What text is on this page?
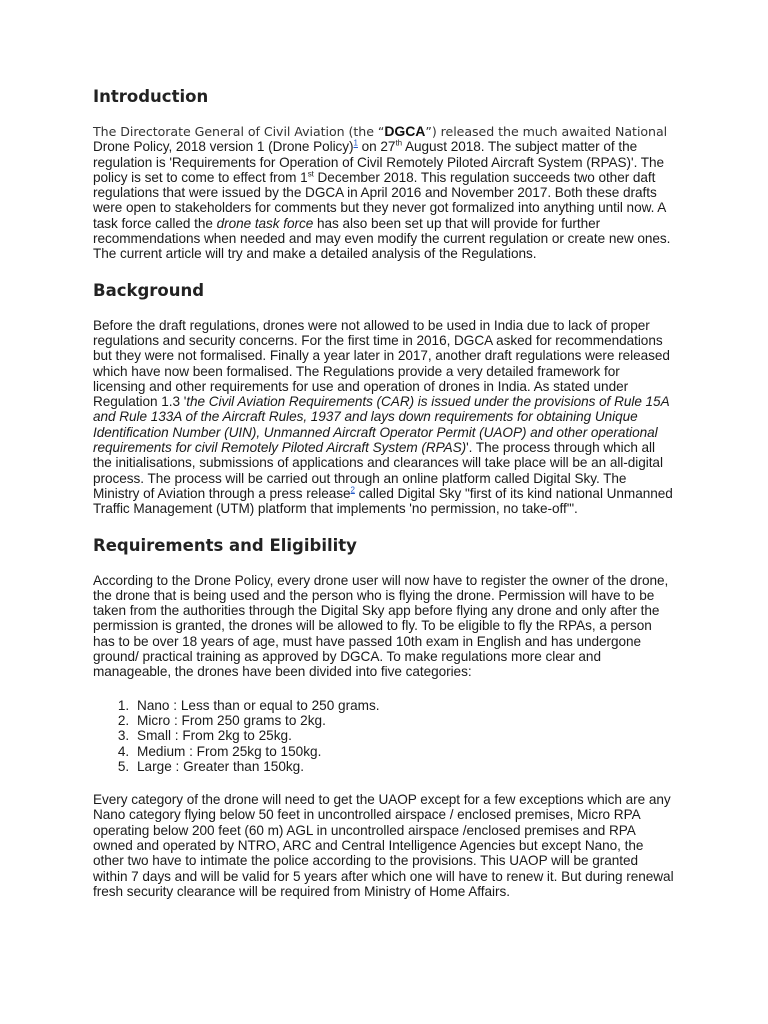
Introduction

The Directorate General of Civil Aviation (the “DGCA”) released the much awaited National
Drone Policy, 2018 version 1 (Drone Policy)$^1$ on 27th August 2018. The subject matter of the regulation is 'Requirements for Operation of Civil Remotely Piloted Aircraft System (RPAS)'. The policy is set to come to effect from 1st December 2018. This regulation succeeds two other daft regulations that were issued by the DGCA in April 2016 and November 2017. Both these drafts were open to stakeholders for comments but they never got formalized into anything until now. A task force called the drone task force has also been set up that will provide for further recommendations when needed and may even modify the current regulation or create new ones. The current article will try and make a detailed analysis of the Regulations.

Background

Before the draft regulations, drones were not allowed to be used in India due to lack of proper regulations and security concerns. For the first time in 2016, DGCA asked for recommendations but they were not formalised. Finally a year later in 2017, another draft regulations were released which have now been formalised. The Regulations provide a very detailed framework for licensing and other requirements for use and operation of drones in India. As stated under Regulation 1.3 'the Civil Aviation Requirements (CAR) is issued under the provisions of Rule 15A and Rule 133A of the Aircraft Rules, 1937 and lays down requirements for obtaining Unique Identification Number (UIN), Unmanned Aircraft Operator Permit (UAOP) and other operational requirements for civil Remotely Piloted Aircraft System (RPAS)'. The process through which all the initialisations, submissions of applications and clearances will take place will be an all-digital process. The process will be carried out through an online platform called Digital Sky. The Ministry of Aviation through a press release$^2$ called Digital Sky "first of its kind national Unmanned Traffic Management (UTM) platform that implements 'no permission, no take-off'".

Requirements and Eligibility

According to the Drone Policy, every drone user will now have to register the owner of the drone, the drone that is being used and the person who is flying the drone. Permission will have to be taken from the authorities through the Digital Sky app before flying any drone and only after the permission is granted, the drones will be allowed to fly. To be eligible to fly the RPAs, a person has to be over 18 years of age, must have passed 10th exam in English and has undergone ground/ practical training as approved by DGCA. To make regulations more clear and manageable, the drones have been divided into five categories:

1. Nano : Less than or equal to 250 grams.
2. Micro : From 250 grams to 2kg.
3. Small : From 2kg to 25kg.
4. Medium : From 25kg to 150kg.
5. Large : Greater than 150kg.

Every category of the drone will need to get the UAOP except for a few exceptions which are any Nano category flying below 50 feet in uncontrolled airspace / enclosed premises, Micro RPA operating below 200 feet (60 m) AGL in uncontrolled airspace /enclosed premises and RPA owned and operated by NTRO, ARC and Central Intelligence Agencies but except Nano, the other two have to intimate the police according to the provisions. This UAOP will be granted within 7 days and will be valid for 5 years after which one will have to renew it. But during renewal fresh security clearance will be required from Ministry of Home Affairs.
